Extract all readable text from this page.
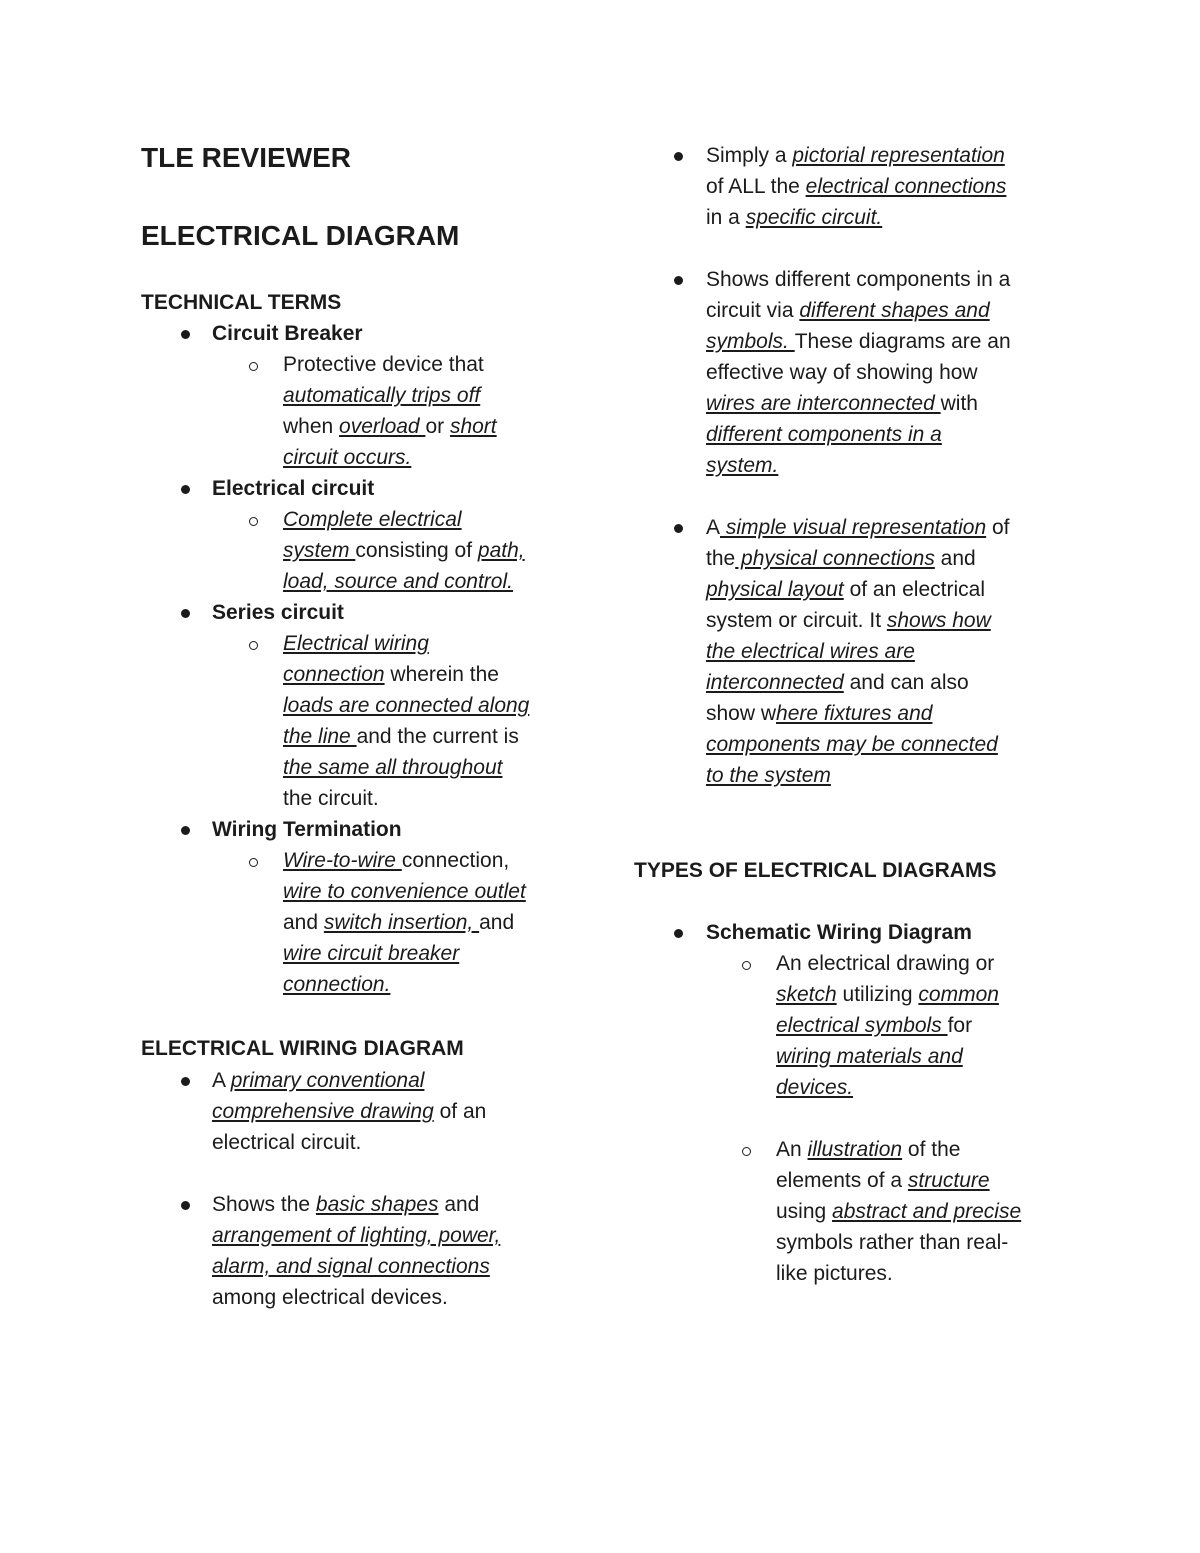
TLE REVIEWER
ELECTRICAL DIAGRAM
TECHNICAL TERMS
Circuit Breaker
Protective device that
automatically trips off
when overload or short
circuit occurs.
Electrical circuit
Complete electrical
system consisting of path,
load, source and control.
Series circuit
Electrical wiring
connection wherein the
loads are connected along
the line and the current is
the same all throughout
the circuit.
Wiring Termination
Wire-to-wire connection,
wire to convenience outlet
and switch insertion, and
wire circuit breaker
connection.
ELECTRICAL WIRING DIAGRAM
A primary conventional
comprehensive drawing of an
electrical circuit.
Shows the basic shapes and
arrangement of lighting, power,
alarm, and signal connections
among electrical devices.
Simply a pictorial representation
of ALL the electrical connections
in a specific circuit.
Shows different components in a
circuit via different shapes and
symbols. These diagrams are an
effective way of showing how
wires are interconnected with
different components in a
system.
A simple visual representation of
the physical connections and
physical layout of an electrical
system or circuit. It shows how
the electrical wires are
interconnected and can also
show where fixtures and
components may be connected
to the system
TYPES OF ELECTRICAL DIAGRAMS
Schematic Wiring Diagram
An electrical drawing or
sketch utilizing common
electrical symbols for
wiring materials and
devices.
An illustration of the
elements of a structure
using abstract and precise
symbols rather than real-
like pictures.
